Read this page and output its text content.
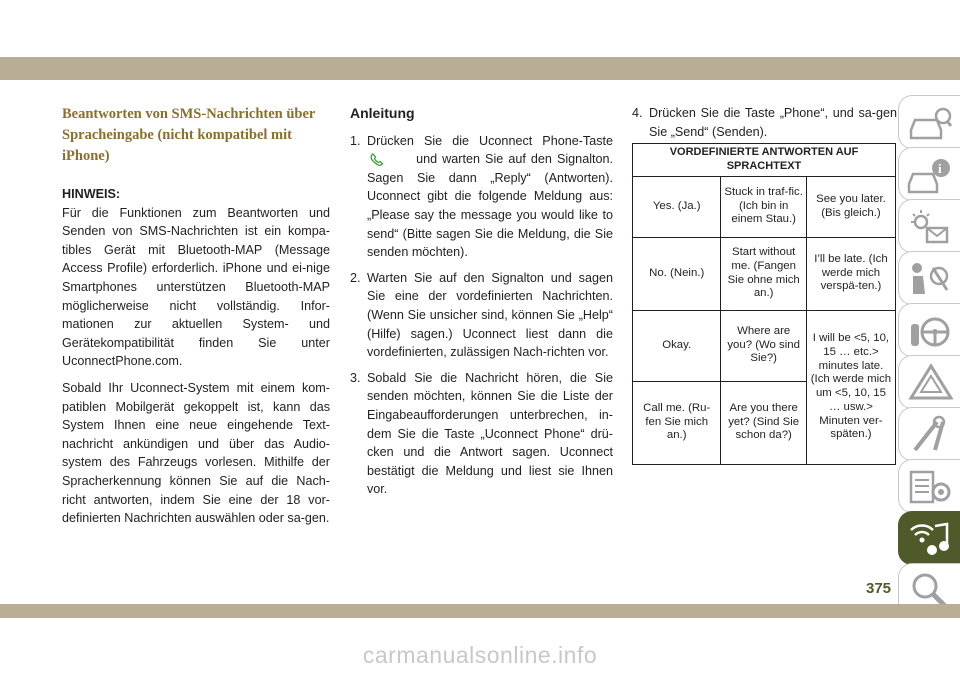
Beantworten von SMS-Nachrichten über Spracheingabe (nicht kompatibel mit iPhone)
HINWEIS:

Für die Funktionen zum Beantworten und Senden von SMS-Nachrichten ist ein kompa-tibles Gerät mit Bluetooth-MAP (Message Access Profile) erforderlich. iPhone und ei-nige Smartphones unterstützen Bluetooth-MAP möglicherweise nicht vollständig. Infor-mationen zur aktuellen System- und Gerätekompatibilität finden Sie unter UconnectPhone.com.

Sobald Ihr Uconnect-System mit einem kom-patiblen Mobilgerät gekoppelt ist, kann das System Ihnen eine neue eingehende Text-nachricht ankündigen und über das Audio-system des Fahrzeugs vorlesen. Mithilfe der Spracherkennung können Sie auf die Nach-richt antworten, indem Sie eine der 18 vor-definierten Nachrichten auswählen oder sa-gen.

Anleitung
1. Drücken Sie die Uconnect Phone-Taste  und warten Sie auf den Signalton. Sagen Sie dann „Reply“ (Antworten). Uconnect gibt die folgende Meldung aus: „Please say the message you would like to send“ (Bitte sagen Sie die Meldung, die Sie senden möchten).
2. Warten Sie auf den Signalton und sagen Sie eine der vordefinierten Nachrichten. (Wenn Sie unsicher sind, können Sie „Help“ (Hilfe) sagen.) Uconnect liest dann die vordefinierten, zulässigen Nach-richten vor.
3. Sobald Sie die Nachricht hören, die Sie senden möchten, können Sie die Liste der Eingabeaufforderungen unterbrechen, in-dem Sie die Taste „Uconnect Phone“ drü-cken und die Antwort sagen. Uconnect bestätigt die Meldung und liest sie Ihnen vor.
4. Drücken Sie die Taste „Phone“, und sa-gen Sie „Send“ (Senden).
VORDEFINIERTE ANTWORTEN AUF SPRACHTEXT		
Yes. (Ja.)	Stuck in traf-fic. (Ich bin in einem Stau.)	See you later. (Bis gleich.)
No. (Nein.)	Start without me. (Fangen Sie ohne mich an.)	I’ll be late. (Ich werde mich verspä-ten.)
Okay.	Where are you? (Wo sind Sie?)	I will be <5, 10, 15 … etc.> minutes late. (Ich werde mich um <5, 10, 15 … usw.> Minuten ver-späten.)
Call me. (Ru-fen Sie mich an.)	Are you there yet? (Sind Sie schon da?)	
i
375
carmanualsonline.info
